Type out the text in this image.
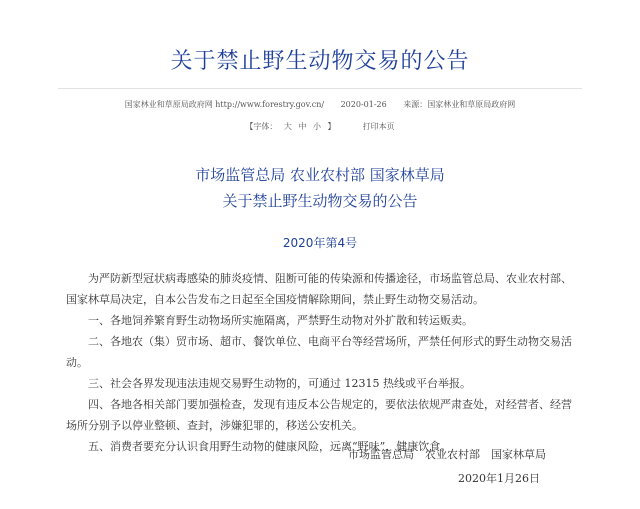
关于禁止野生动物交易的公告
国家林业和草原局政府网 http://www.forestry.gov.cn/ 2020-01-26 来源：国家林业和草原局政府网
【字体： 大 中 小 】	打印本页
市场监管总局 农业农村部 国家林草局
关于禁止野生动物交易的公告
2020年第4号

为严防新型冠状病毒感染的肺炎疫情、阻断可能的传染源和传播途径，市场监管总局、农业农村部、国家林草局决定，自本公告发布之日起至全国疫情解除期间，禁止野生动物交易活动。

一、各地饲养繁育野生动物场所实施隔离，严禁野生动物对外扩散和转运贩卖。

二、各地农（集）贸市场、超市、餐饮单位、电商平台等经营场所，严禁任何形式的野生动物交易活动。

三、社会各界发现违法违规交易野生动物的，可通过 12315 热线或平台举报。

四、各地各相关部门要加强检查，发现有违反本公告规定的，要依法依规严肃查处，对经营者、经营场所分别予以停业整顿、查封，涉嫌犯罪的，移送公安机关。

五、消费者要充分认识食用野生动物的健康风险，远离“野味”，健康饮食。

市场监管总局　农业农村部　国家林草局
2020年1月26日
